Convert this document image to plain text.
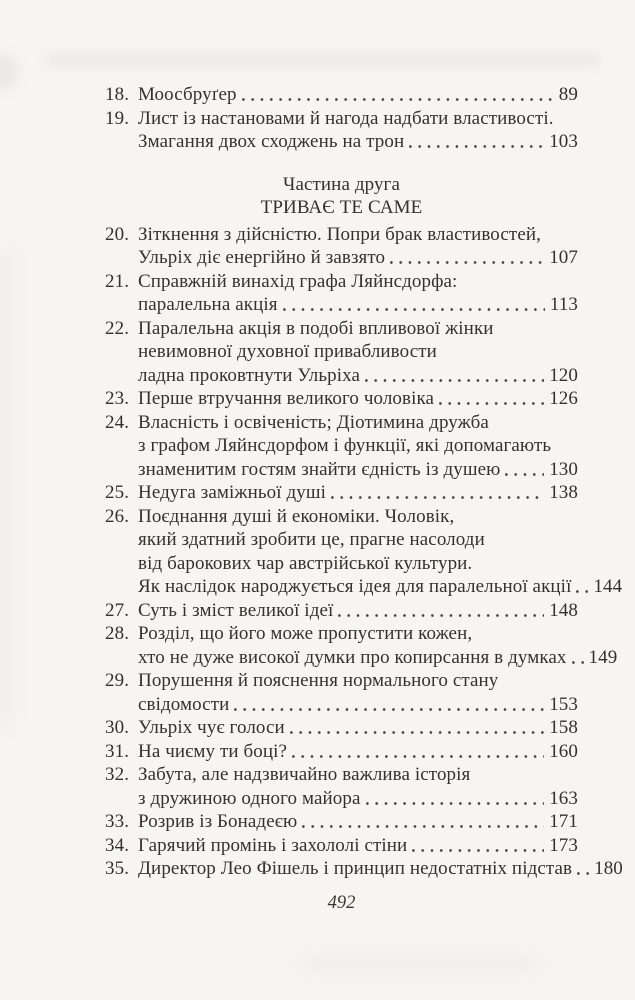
18. Моосбруґер	89
19. Лист із настановами й нагода надбати властивості.
Змагання двох сходжень на трон	103
Частина друга
ТРИВАЄ ТЕ САМЕ
20. Зіткнення з дійсністю. Попри брак властивостей,
Ульріх діє енергійно й завзято	107
21. Справжній винахід графа Ляйнсдорфа:
паралельна акція	113
22. Паралельна акція в подобі впливової жінки
невимовної духовної привабливости
ладна проковтнути Ульріха	120
23. Перше втручання великого чоловіка	126
24. Власність і освіченість; Діотимина дружба
з графом Ляйнсдорфом і функції, які допомагають
знаменитим гостям знайти єдність із душею	130
25. Недуга заміжньої душі	138
26. Поєднання душі й економіки. Чоловік,
який здатний зробити це, прагне насолоди
від барокових чар австрійської культури.
Як наслідок народжується ідея для паралельної акції 144
27. Суть і зміст великої ідеї	148
28. Розділ, що його може пропустити кожен,
хто не дуже високої думки про копирсання в думках 149
29. Порушення й пояснення нормального стану
свідомости	153
30. Ульріх чує голоси	158
31. На чиєму ти боці?	160
32. Забута, але надзвичайно важлива історія
з дружиною одного майора	163
33. Розрив із Бонадеєю	171
34. Гарячий промінь і захололі стіни	173
35. Директор Лео Фішель і принцип недостатніх підстав 180
492
